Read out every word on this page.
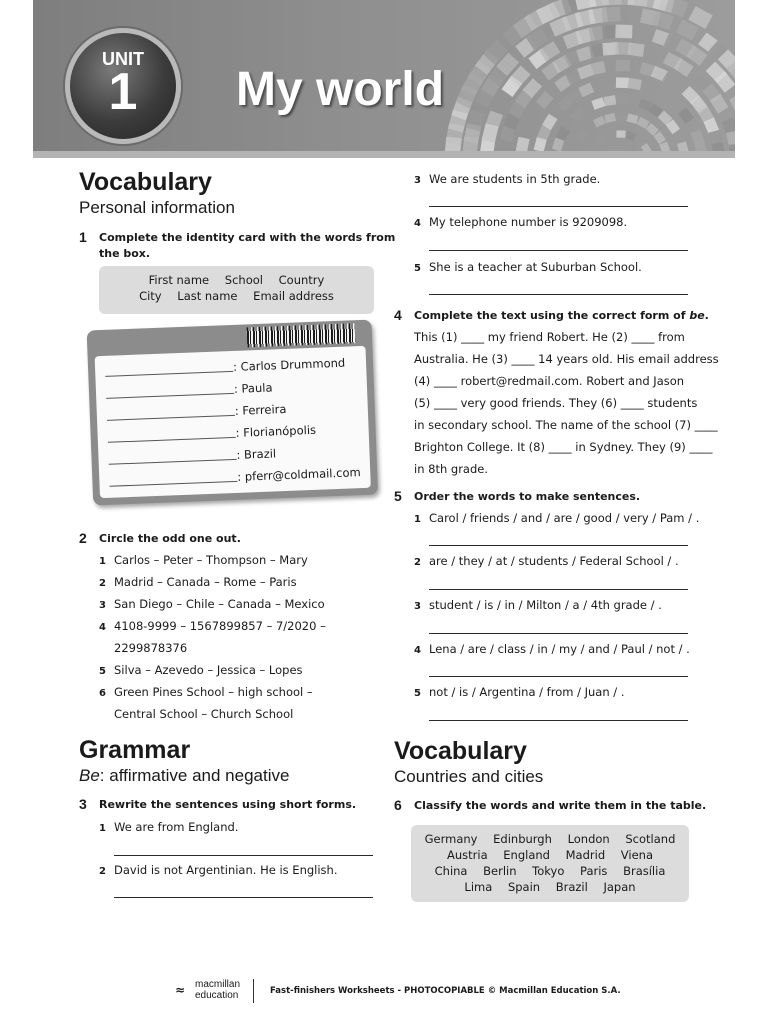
UNIT
1	My world
Vocabulary
Personal information
1 Complete the identity card with the words from
the box.
First name School Country
City Last name Email address
: Carlos Drummond
: Paula
: Ferreira
: Florianópolis
: Brazil
: pferr@coldmail.com
2 Circle the odd one out.
1 Carlos – Peter – Thompson – Mary
2 Madrid – Canada – Rome – Paris
3 San Diego – Chile – Canada – Mexico
4 4108-9999 – 1567899857 – 7/2020 –
2299878376
5 Silva – Azevedo – Jessica – Lopes
6 Green Pines School – high school –
Central School – Church School
Grammar
Be: affirmative and negative
3 Rewrite the sentences using short forms.
1 We are from England.
2 David is not Argentinian. He is English.
3 We are students in 5th grade.
4 My telephone number is 9209098.
5 She is a teacher at Suburban School.
4 Complete the text using the correct form of be.
This (1) ____ my friend Robert. He (2) ____ from
Australia. He (3) ____ 14 years old. His email address
(4) ____ robert@redmail.com. Robert and Jason
(5) ____ very good friends. They (6) ____ students
in secondary school. The name of the school (7) ____
Brighton College. It (8) ____ in Sydney. They (9) ____
in 8th grade.
5 Order the words to make sentences.
1 Carol / friends / and / are / good / very / Pam / .
2 are / they / at / students / Federal School / .
3 student / is / in / Milton / a / 4th grade / .
4 Lena / are / class / in / my / and / Paul / not / .
5 not / is / Argentina / from / Juan / .
Vocabulary
Countries and cities
6 Classify the words and write them in the table.
Germany Edinburgh London Scotland
Austria England Madrid Viena
China Berlin Tokyo Paris Brasília
Lima Spain Brazil Japan
≈ macmillan
education	Fast-finishers Worksheets - PHOTOCOPIABLE © Macmillan Education S.A.
